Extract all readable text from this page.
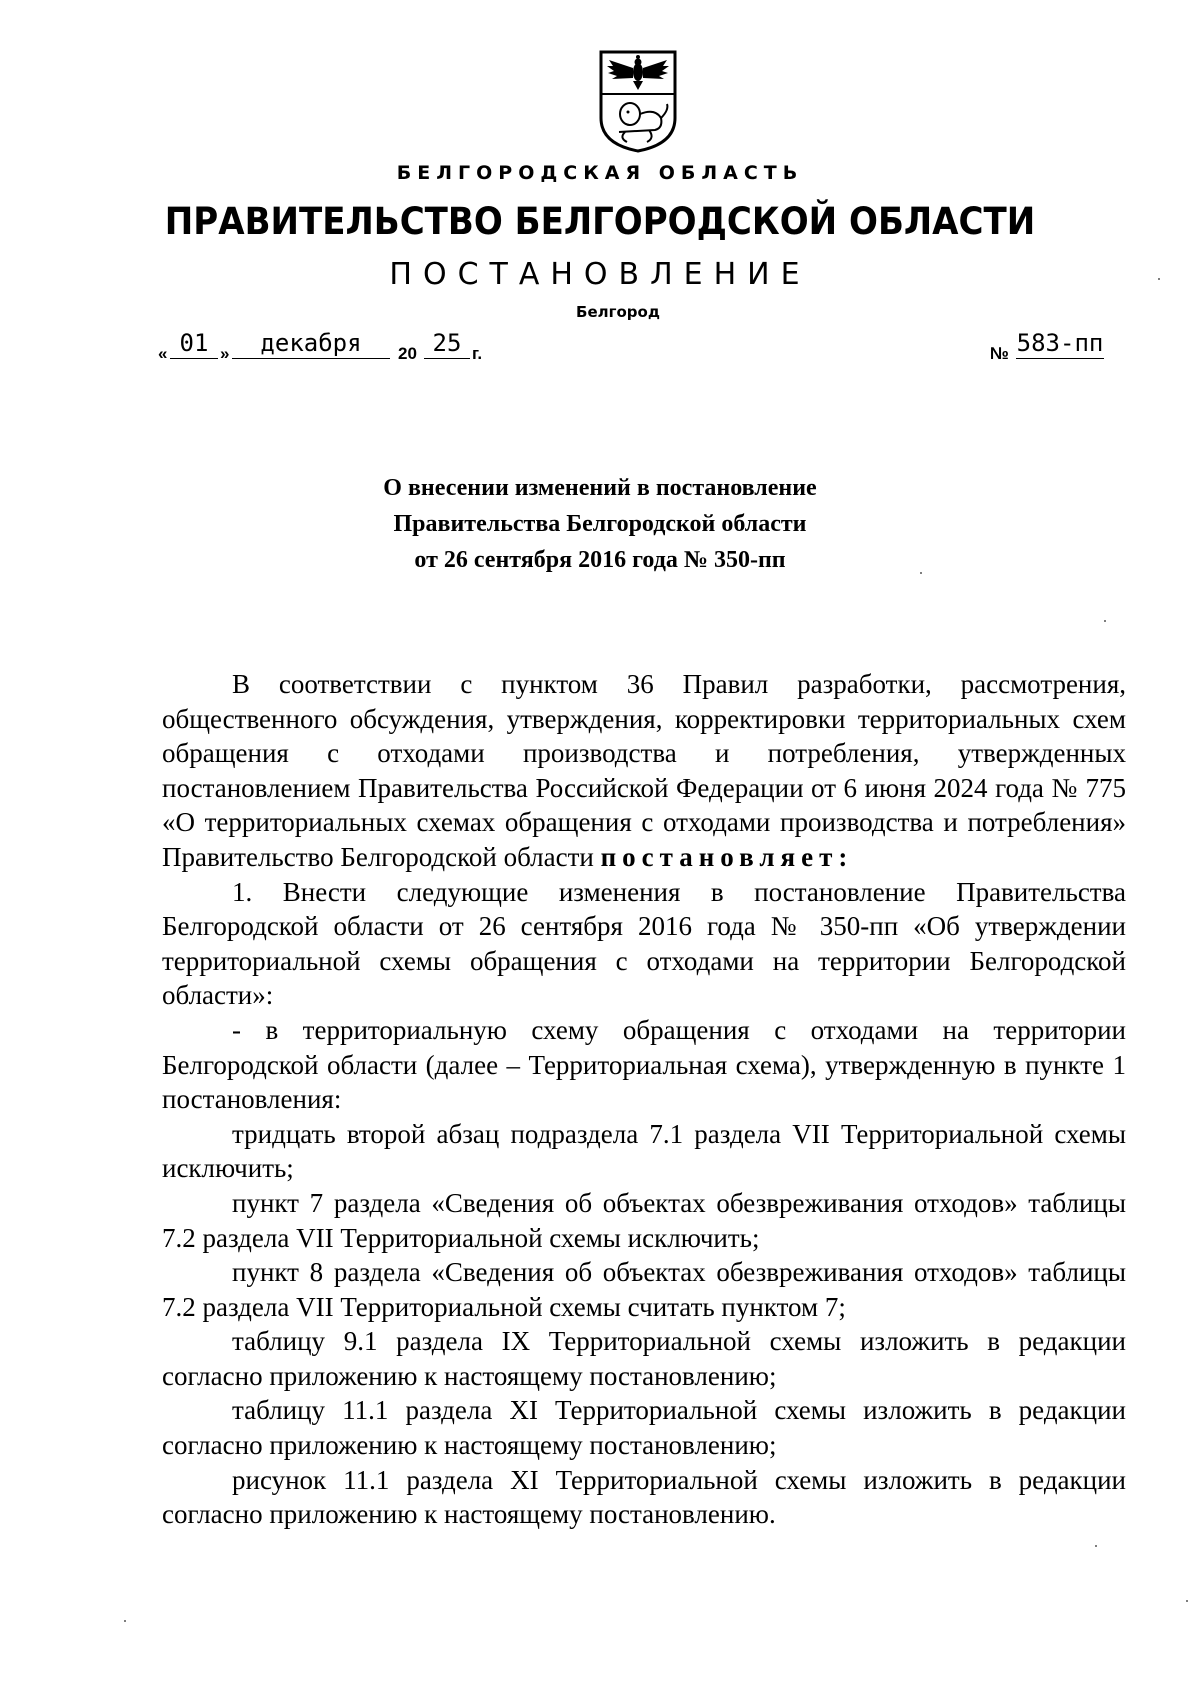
БЕЛГОРОДСКАЯ ОБЛАСТЬ
ПРАВИТЕЛЬСТВО БЕЛГОРОДСКОЙ ОБЛАСТИ
ПОСТАНОВЛЕНИЕ
Белгород
« 01 »	декабря	20 25 г.	№ 583-пп
О внесении изменений в постановление
Правительства Белгородской области
от 26 сентября 2016 года № 350-пп

В соответствии с пунктом 36 Правил разработки, рассмотрения, общественного обсуждения, утверждения, корректировки территориальных схем обращения с отходами производства и потребления, утвержденных постановлением Правительства Российской Федерации от 6 июня 2024 года № 775 «О территориальных схемах обращения с отходами производства и потребления» Правительство Белгородской области постановляет:

1. Внести следующие изменения в постановление Правительства Белгородской области от 26 сентября 2016 года № 350-пп «Об утверждении территориальной схемы обращения с отходами на территории Белгородской области»:

- в территориальную схему обращения с отходами на территории Белгородской области (далее – Территориальная схема), утвержденную в пункте 1 постановления:

тридцать второй абзац подраздела 7.1 раздела VII Территориальной схемы исключить;

пункт 7 раздела «Сведения об объектах обезвреживания отходов» таблицы 7.2 раздела VII Территориальной схемы исключить;

пункт 8 раздела «Сведения об объектах обезвреживания отходов» таблицы 7.2 раздела VII Территориальной схемы считать пунктом 7;

таблицу 9.1 раздела IX Территориальной схемы изложить в редакции согласно приложению к настоящему постановлению;

таблицу 11.1 раздела XI Территориальной схемы изложить в редакции согласно приложению к настоящему постановлению;

рисунок 11.1 раздела XI Территориальной схемы изложить в редакции согласно приложению к настоящему постановлению.
